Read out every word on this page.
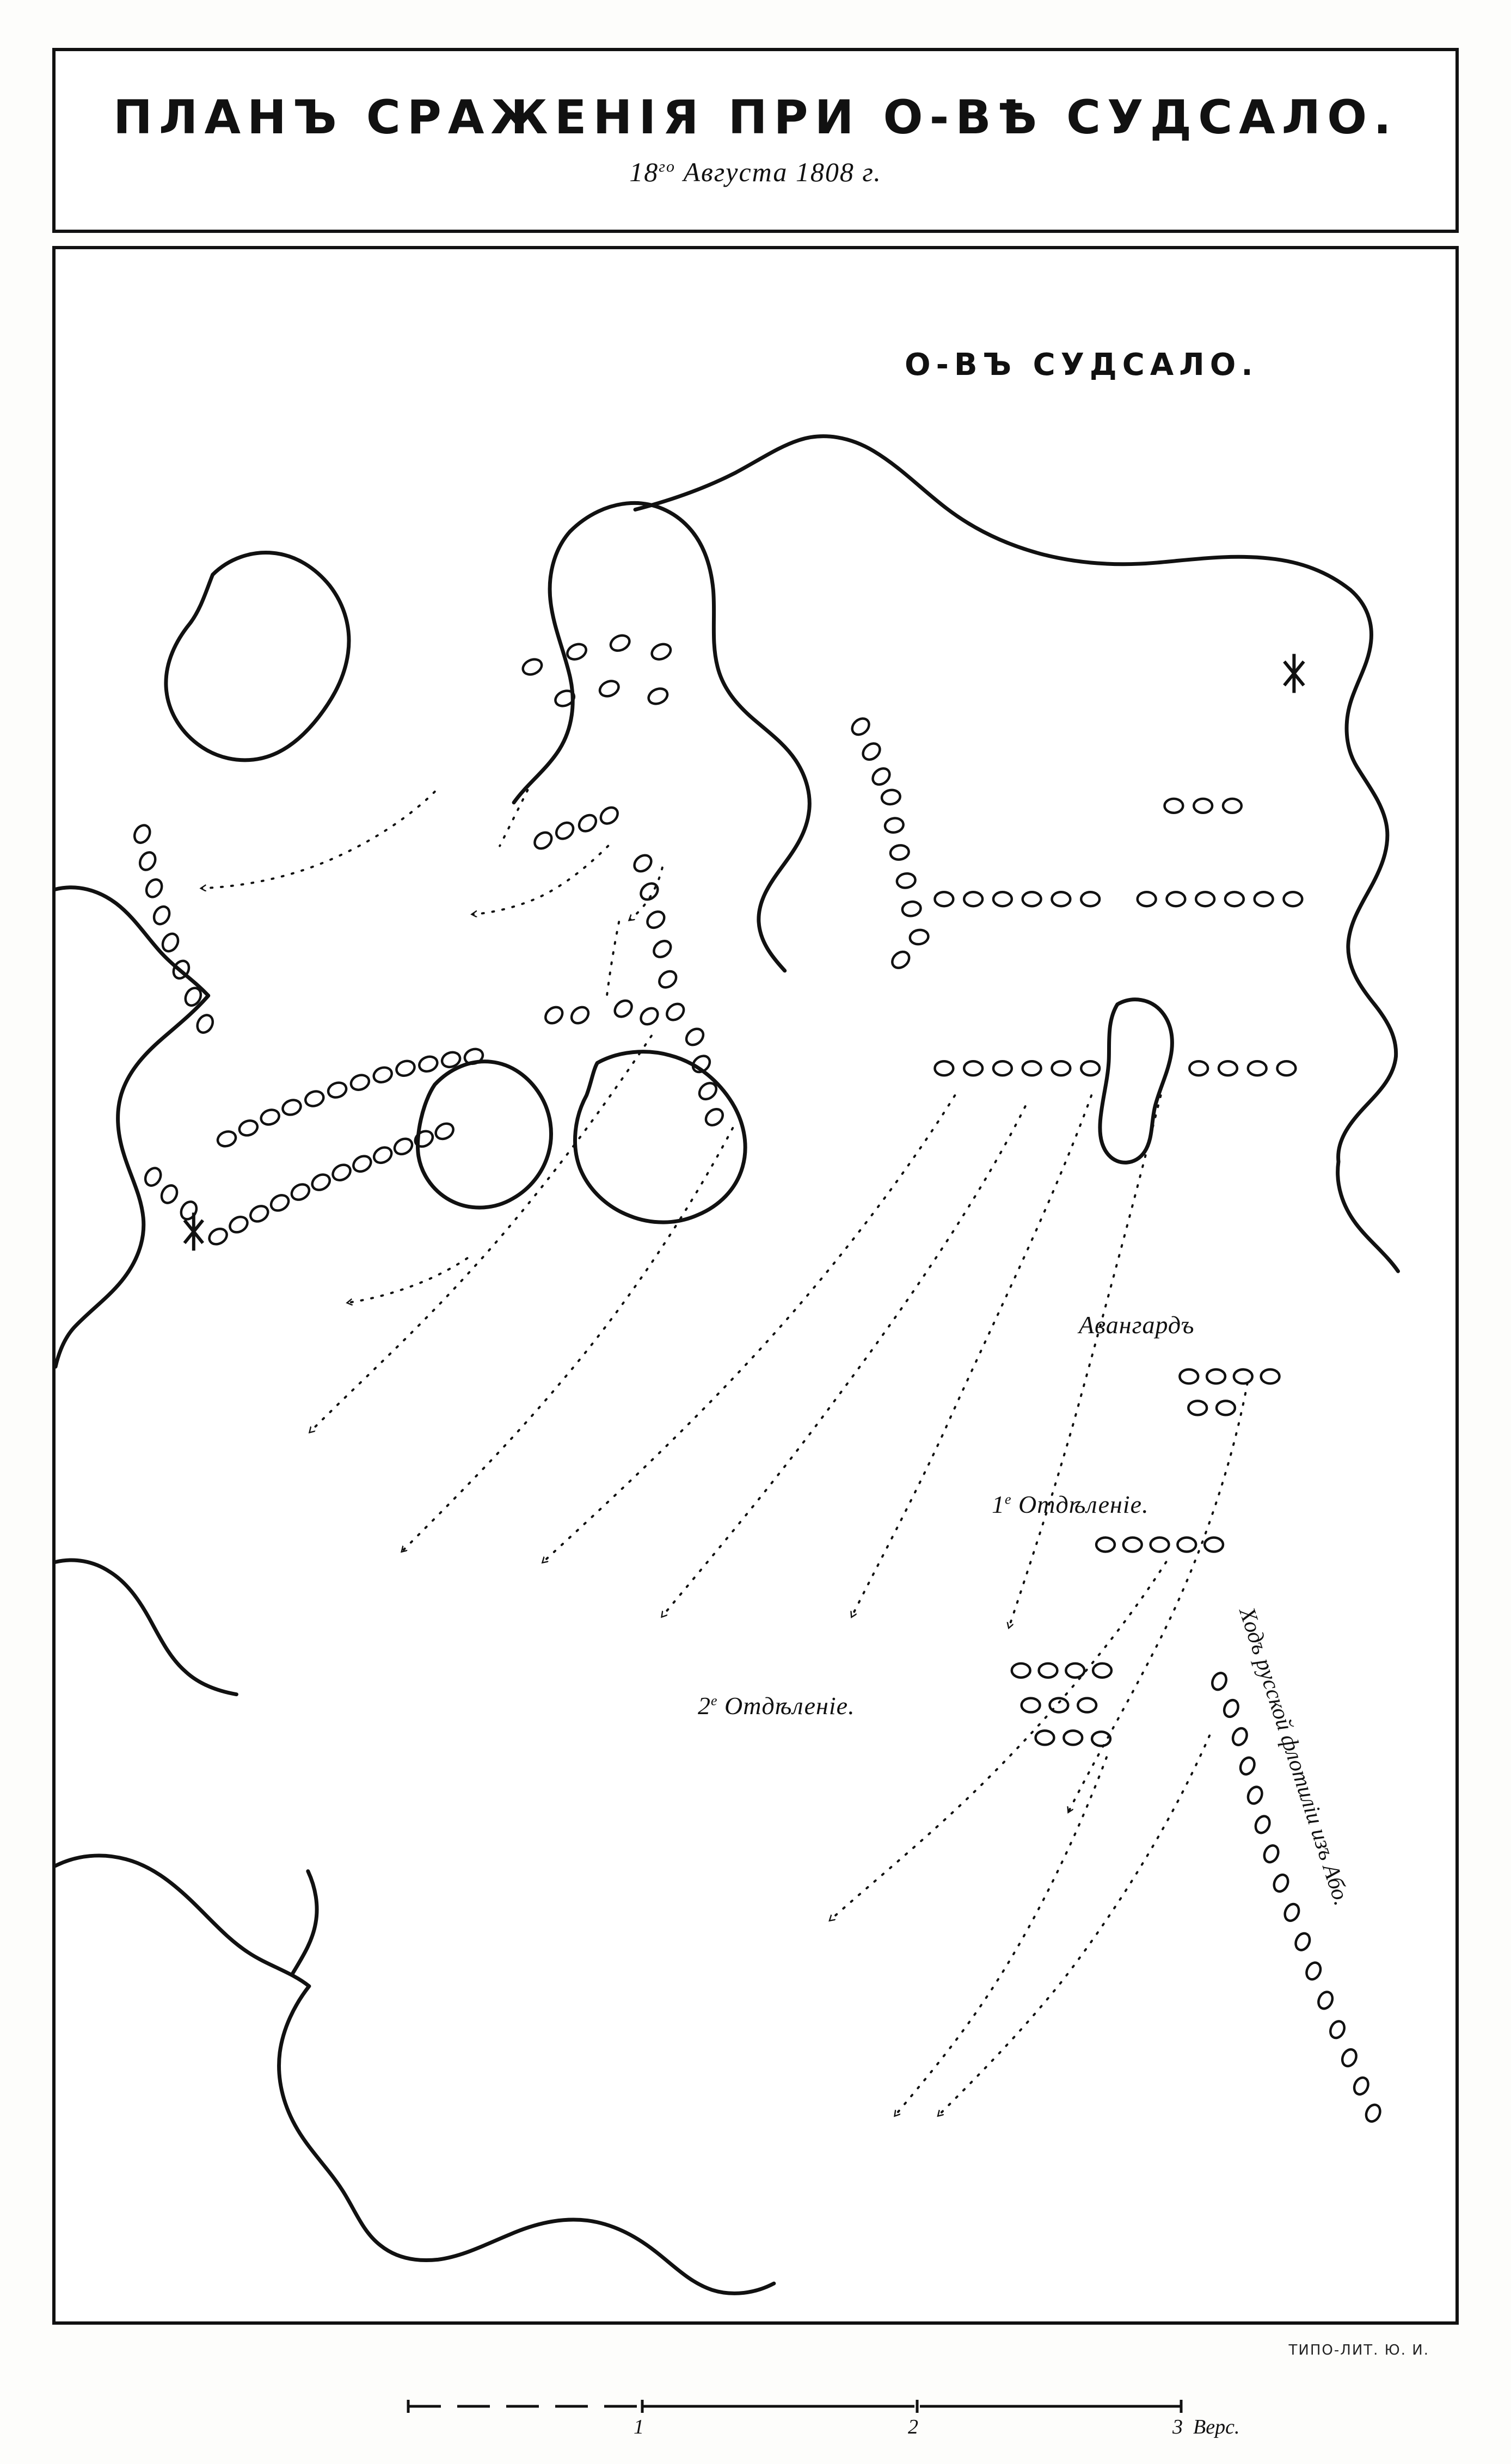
ПЛАНЪ СРАЖЕНІЯ ПРИ О-ВѢ СУДСАЛО.
$18^{го}$ Августа 1808 г.
О-ВЪ СУДСАЛО.
Авангардъ
$1^е$ Отдѣленіе.
$2^е$ Отдѣленіе.	Ходъ русской флотиліи изъ Або.
ТИПО-ЛИТ. Ю. И.
1	2	3 Верс.
